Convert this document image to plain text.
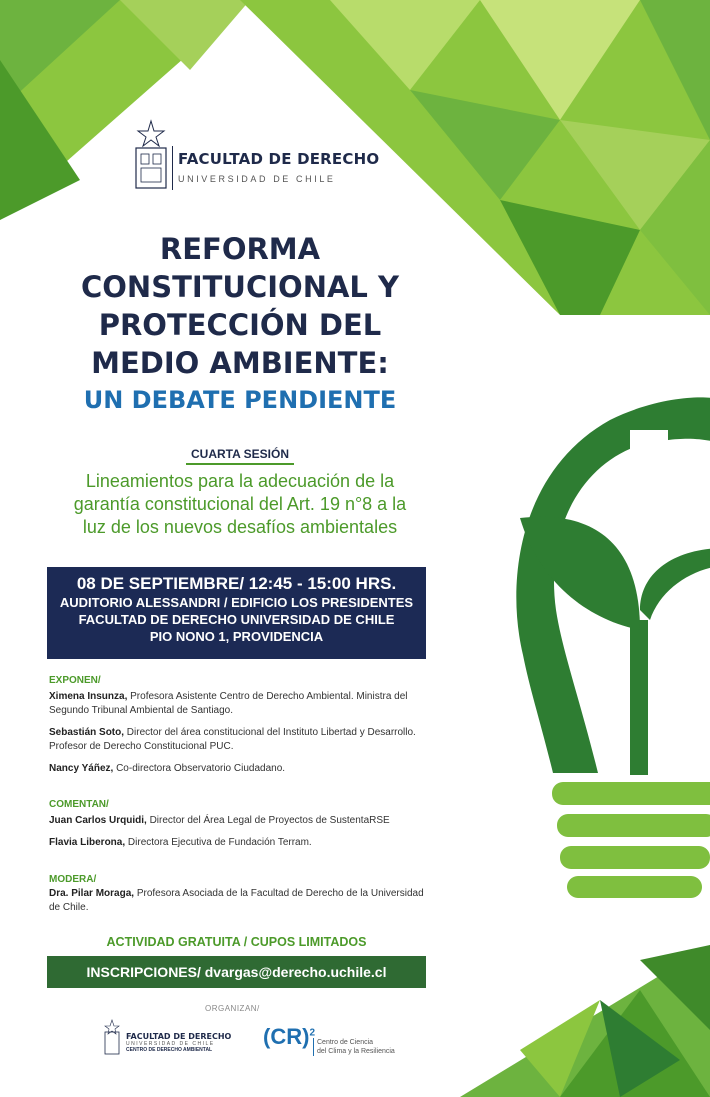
FACULTAD DE DERECHO
UNIVERSIDAD DE CHILE
REFORMA
CONSTITUCIONAL Y
PROTECCIÓN DEL
MEDIO AMBIENTE:
UN DEBATE PENDIENTE
CUARTA SESIÓN
Lineamientos para la adecuación de la
garantía constitucional del Art. 19 n°8 a la
luz de los nuevos desafíos ambientales
08 DE SEPTIEMBRE/ 12:45 - 15:00 HRS.
AUDITORIO ALESSANDRI / EDIFICIO LOS PRESIDENTES
FACULTAD DE DERECHO UNIVERSIDAD DE CHILE
PIO NONO 1, PROVIDENCIA
EXPONEN/
Ximena Insunza, Profesora Asistente Centro de Derecho Ambiental. Ministra del Segundo Tribunal Ambiental de Santiago.
Sebastián Soto, Director del área constitucional del Instituto Libertad y Desarrollo. Profesor de Derecho Constitucional PUC.
Nancy Yáñez, Co-directora Observatorio Ciudadano.
COMENTAN/
Juan Carlos Urquidi, Director del Área Legal de Proyectos de SustentaRSE
Flavia Liberona, Directora Ejecutiva de Fundación Terram.
MODERA/
Dra. Pilar Moraga, Profesora Asociada de la Facultad de Derecho de la Universidad de Chile.
ACTIVIDAD GRATUITA / CUPOS LIMITADOS
INSCRIPCIONES/ dvargas@derecho.uchile.cl
ORGANIZAN/
FACULTAD DE DERECHO
UNIVERSIDAD DE CHILE
CENTRO DE DERECHO AMBIENTAL
(CR)$^2$
Centro de Ciencia
del Clima y la Resiliencia
